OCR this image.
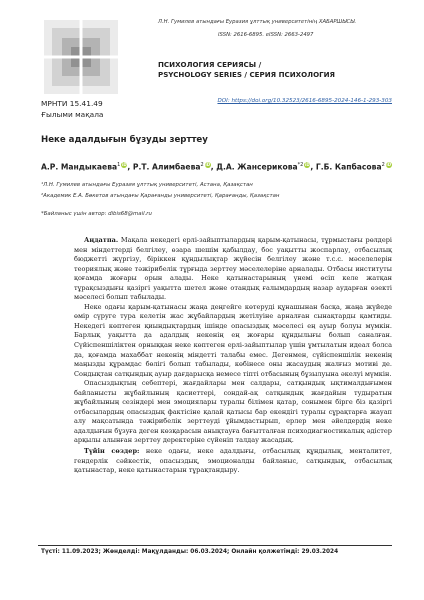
Л.Н. Гумилев атындағы Еуразия ұлттық университетінің ХАБАРШЫСЫ.
ISSN: 2616-6895. eISSN: 2663-2497
ПСИХОЛОГИЯ СЕРИЯСЫ /
PSYCHOLOGY SERIES / СЕРИЯ ПСИХОЛОГИЯ
МРНТИ 15.41.49
Ғылыми мақала
DOI: https://doi.org/10.32523/2616-6895-2024-146-1-293-303
Неке адалдығын бұзуды зерттеу
А.Р. Мандыкаева$^1$ iD, Р.Т. Алимбаева$^2$ iD, Д.А. Жансерикова$^{*2}$ iD, Г.Б. Капбасова$^2$ iD
¹Л.Н. Гумилев атындағы Еуразия ұлттық университеті, Астана, Қазақстан
²Академик Е.А. Бөкетов атындағы Қарағанды университеті, Қарағанды, Қазақстан
*Байланыс үшін автор: dibis68@mail.ru

Аңдатпа. Мақала некедегі ерлі-зайыптылардың қарым-қатынасы, тұрмыстағы рөлдері мен міндеттерді белгілеу, өзара шешім қабылдау, бос уақытты жоспарлау, отбасылық бюджетті жүргізу, біріккен құндылықтар жүйесін белгілеу және т.с.с. мәселелерін теориялық және тәжірибелік тұрғыда зерттеу мәселелеріне арналады. Отбасы институты қоғамда жоғары орын алады. Неке қатынастарының үнемі өсіп келе жатқан тұрақсыздығы қазіргі уақытта шетел және отандық ғалымдардың назар аударған өзекті мәселесі болып табылады.

Неке одағы қарым-қатынасы жаңа деңгейге көтеруді құнашынан басқа, жаңа жүйеде өмір сүруге тура келетін жас жұбайлардың жетілуіне арналған сынақтарды қамтиды. Некедегі көптеген қиындықтардың ішінде опасыздық мәселесі ең ауыр болуы мүмкін. Барлық уақытта да адалдық некенің ең жоғары құндылығы болып саналған. Сүйіспеншіліктен орныққан неке көптеген ерлі-зайыптылар үшін ұмтылатын идеал болса да, қоғамда махаббат некенің міндетті талабы емес. Дегенмен, сүйіспеншілік некенің маңызды құрамдас бөлігі болып табылады, көбінесе оны жасаудың жалғыз мотиві де. Сондықтан сатқындық ауыр дағдарысқа немесе тіпті отбасының бұзылуына әкелуі мүмкін.

Опасыздықтың себептері, жағдайлары мен салдары, сатқындық ықтималдығымен байланысты жұбайлының қасиеттері, сондай-ақ сатқындық жағдайын тудыратын жұбайлының сезіндері мен эмоциялары туралы білімен қатар, сонымен бірге біз қазіргі отбасылардың опасыздық фактісіне қалай қатысы бар екендігі туралы сұрақтарға жауап алу мақсатында тәжірибелік зерттеуді ұйымдастырып, ерлер мен әйелдердің неке адалдығын бұзуға деген көзқарасын анықтауға бағытталған психодиагностикалық әдістер арқылы алынған зерттеу деректеріне сүйеніп талдау жасадық.

Түйін сөздер: неке одағы, неке адалдығы, отбасылық құндылық, менталитет, гендерлік сәйкестік, опасыздық, эмоционалды байланыс, сатқындық, отбасылық қатынастар, неке қатынастарын тұрақтандыру.

Түсті: 11.09.2023; Жөнделді: Мақұлданды: 06.03.2024; Онлайн қолжетімді: 29.03.2024
